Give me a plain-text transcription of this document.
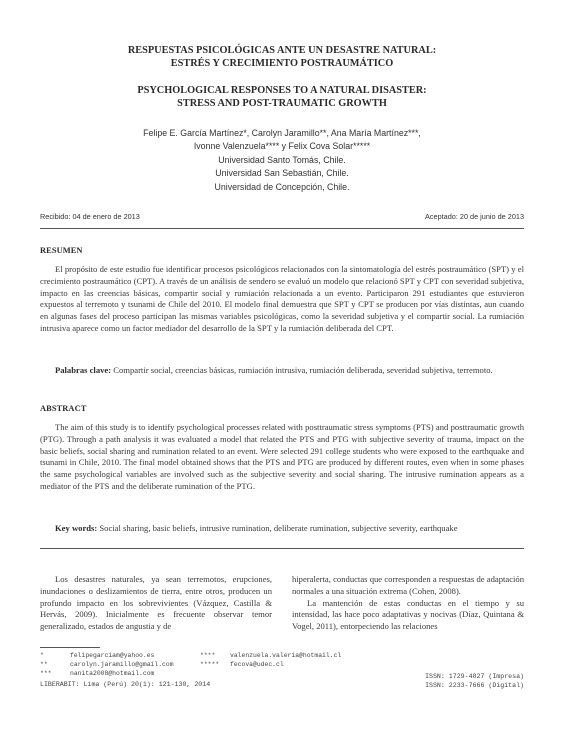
RESPUESTAS PSICOLÓGICAS ANTE UN DESASTRE NATURAL:
ESTRÉS Y CRECIMIENTO POSTRAUMÁTICO
PSYCHOLOGICAL RESPONSES TO A NATURAL DISASTER:
STRESS AND POST-TRAUMATIC GROWTH
Felipe E. García Martínez*, Carolyn Jaramillo**, Ana María Martínez***,
Ivonne Valenzuela**** y Felix Cova Solar*****
Universidad Santo Tomás, Chile.
Universidad San Sebastián, Chile.
Universidad de Concepción, Chile.
Recibido: 04 de enero de 2013	Aceptado: 20 de junio de 2013
RESUMEN

El propósito de este estudio fue identificar procesos psicológicos relacionados con la sintomatología del estrés postraumático (SPT) y el crecimiento postraumático (CPT). A través de un análisis de sendero se evaluó un modelo que relacionó SPT y CPT con severidad subjetiva, impacto en las creencias básicas, compartir social y rumiación relacionada a un evento. Participaron 291 estudiantes que estuvieron expuestos al terremoto y tsunami de Chile del 2010. El modelo final demuestra que SPT y CPT se producen por vías distintas, aun cuando en algunas fases del proceso participan las mismas variables psicológicas, como la severidad subjetiva y el compartir social. La rumiación intrusiva aparece como un factor mediador del desarrollo de la SPT y la rumiación deliberada del CPT.

Palabras clave: Compartir social, creencias básicas, rumiación intrusiva, rumiación deliberada, severidad subjetiva, terremoto.

ABSTRACT

The aim of this study is to identify psychological processes related with posttraumatic stress symptoms (PTS) and posttraumatic growth (PTG). Through a path analysis it was evaluated a model that related the PTS and PTG with subjective severity of trauma, impact on the basic beliefs, social sharing and rumination related to an event. Were selected 291 college students who were exposed to the earthquake and tsunami in Chile, 2010. The final model obtained shows that the PTS and PTG are produced by different routes, even when in some phases the same psychological variables are involved such as the subjective severity and social sharing. The intrusive rumination appears as a mediator of the PTS and the deliberate rumination of the PTG.

Key words: Social sharing, basic beliefs, intrusive rumination, deliberate rumination, subjective severity, earthquake

Los desastres naturales, ya sean terremotos, erupciones, inundaciones o deslizamientos de tierra, entre otros, producen un profundo impacto en los sobrevivientes (Vázquez, Castilla & Hervás, 2009). Inicialmente es frecuente observar temor generalizado, estados de angustia y de

hiperalerta, conductas que corresponden a respuestas de adaptación normales a una situación extrema (Cohen, 2008).
La mantención de estas conductas en el tiempo y su intensidad, las hace poco adaptativas y nocivas (Díaz, Quintana & Vogel, 2011), entorpeciendo las relaciones
*	felipegarciam@yahoo.es
**	carolyn.jaramillo@gmail.com
***	nanita2008@hotmail.com
**** valenzuela.valeria@hotmail.cl
***** fecova@udec.cl
ISSN: 1729-4827 (Impresa)
ISSN: 2233-7666 (Digital)
LIBERABIT: Lima (Perú) 20(1): 121-130, 2014
